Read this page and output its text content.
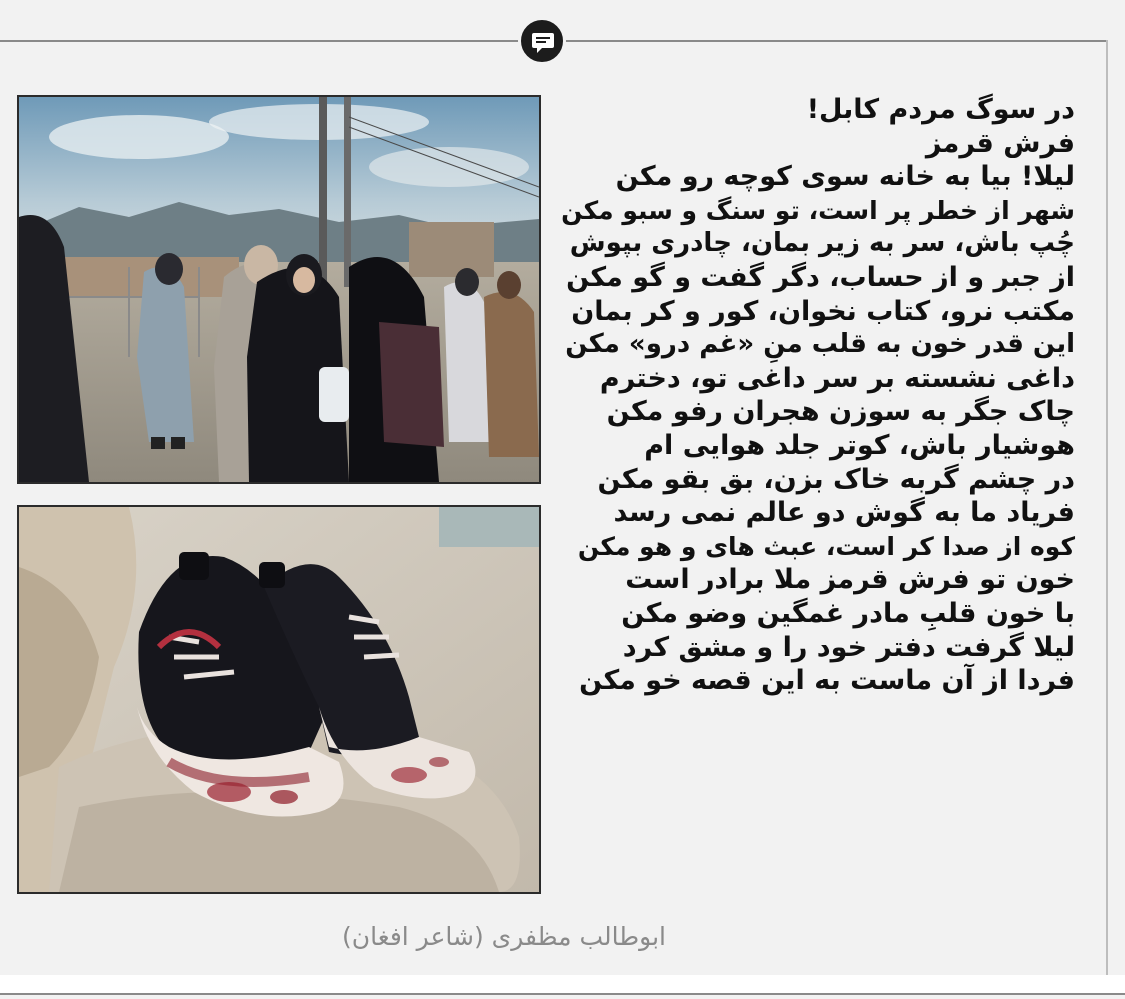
در سوگ مردم کابل!
فرش قرمز
لیلا! بیا به خانه سوی کوچه رو مکن
شهر از خطر پر است، تو سنگ و سبو مکن
چُپ باش، سر به زیر بمان، چادری بپوش
از جبر و از حساب، دگر گفت و گو مکن
مکتب نرو، کتاب نخوان، کور و کر بمان
این قدر خون به قلب منِ «غم درو» مکن
داغی نشسته بر سر داغی تو، دخترم
چاک جگر به سوزن هجران رفو مکن
هوشیار باش، کوتر جلد هوایی ام
در چشم گربه خاک بزن، بق بقو مکن
فریاد ما به گوش دو عالم نمی رسد
کوه از صدا کر است، عبث های و هو مکن
خون تو فرش قرمز ملا برادر است
با خون قلبِ مادر غمگین وضو مکن
لیلا گرفت دفتر خود را و مشق کرد
فردا از آن ماست به این قصه خو مکن
ابوطالب مظفری (شاعر افغان)
